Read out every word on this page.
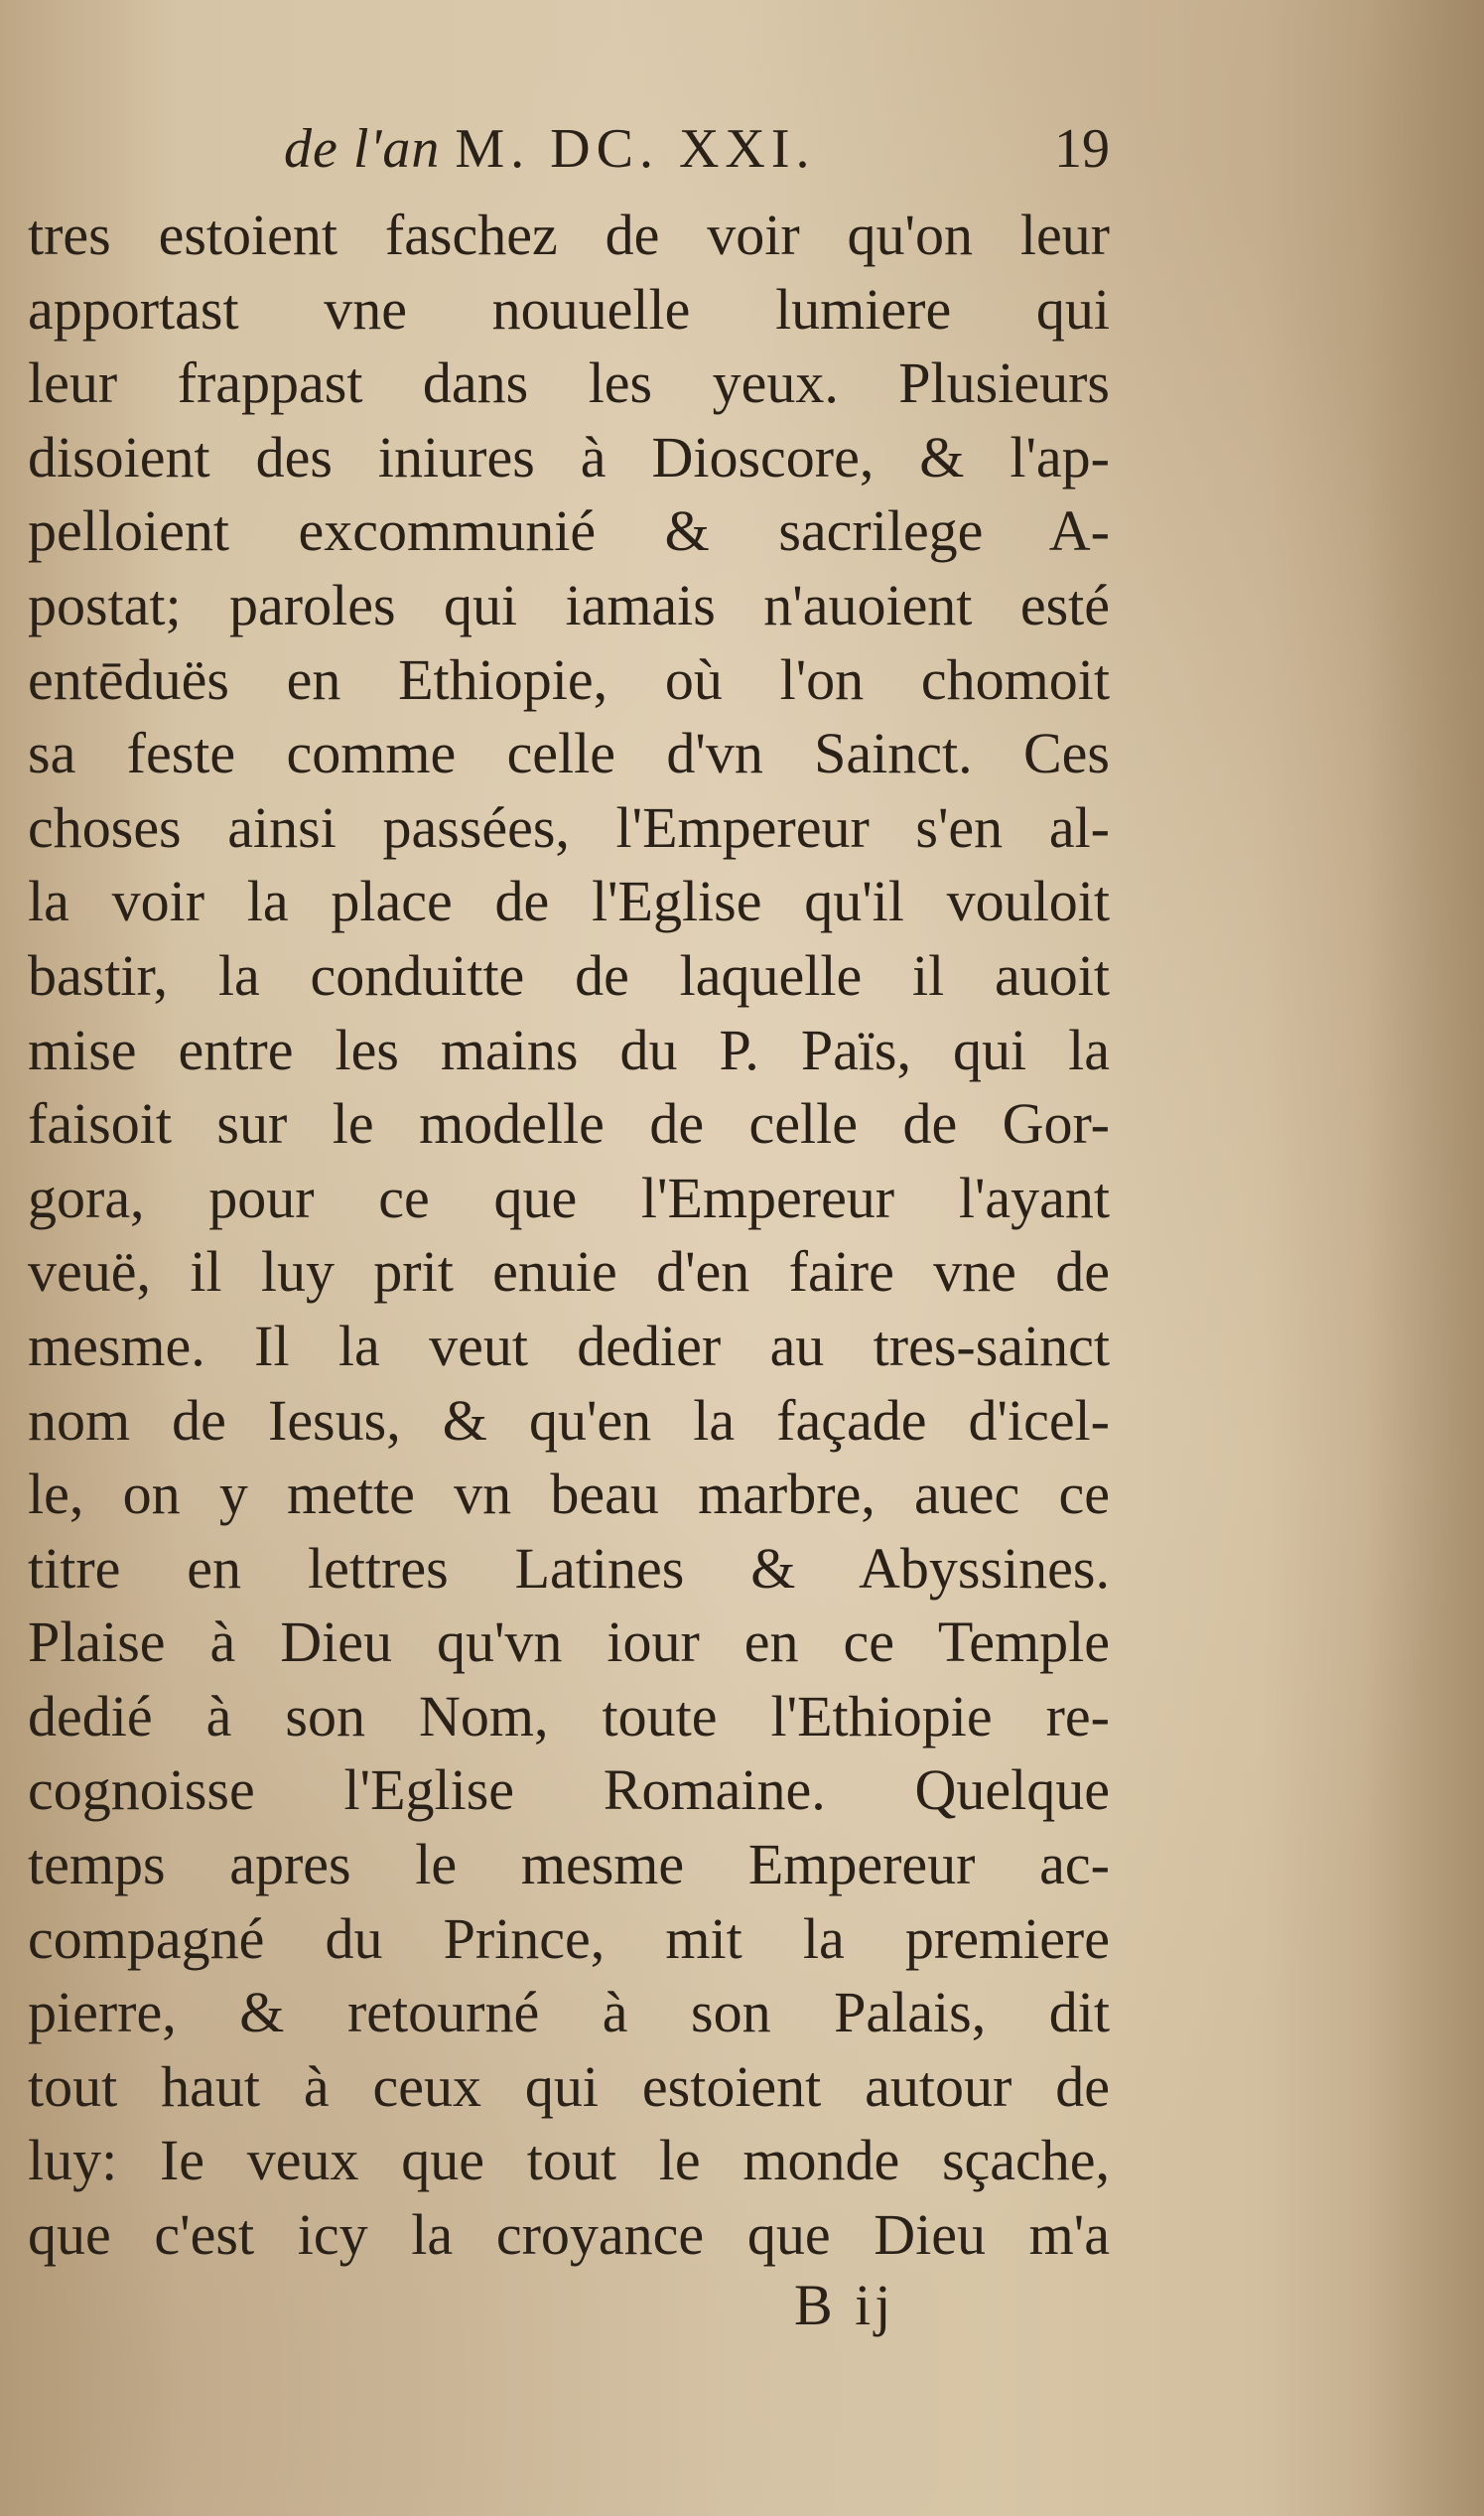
de l'an M. DC. XXI.	19
tres estoient faschez de voir qu'on leur
apportast vne nouuelle lumiere qui
leur frappast dans les yeux. Plusieurs
disoient des iniures à Dioscore, & l'ap-
pelloient excommunié & sacrilege A-
postat; paroles qui iamais n'auoient esté
entēduës en Ethiopie, où l'on chomoit
sa feste comme celle d'vn Sainct. Ces
choses ainsi passées, l'Empereur s'en al-
la voir la place de l'Eglise qu'il vouloit
bastir, la conduitte de laquelle il auoit
mise entre les mains du P. Païs, qui la
faisoit sur le modelle de celle de Gor-
gora, pour ce que l'Empereur l'ayant
veuë, il luy prit enuie d'en faire vne de
mesme. Il la veut dedier au tres-sainct
nom de Iesus, & qu'en la façade d'icel-
le, on y mette vn beau marbre, auec ce
titre en lettres Latines & Abyssines.
Plaise à Dieu qu'vn iour en ce Temple
dedié à son Nom, toute l'Ethiopie re-
cognoisse l'Eglise Romaine. Quelque
temps apres le mesme Empereur ac-
compagné du Prince, mit la premiere
pierre, & retourné à son Palais, dit
tout haut à ceux qui estoient autour de
luy: Ie veux que tout le monde sçache,
que c'est icy la croyance que Dieu m'a
B ij
